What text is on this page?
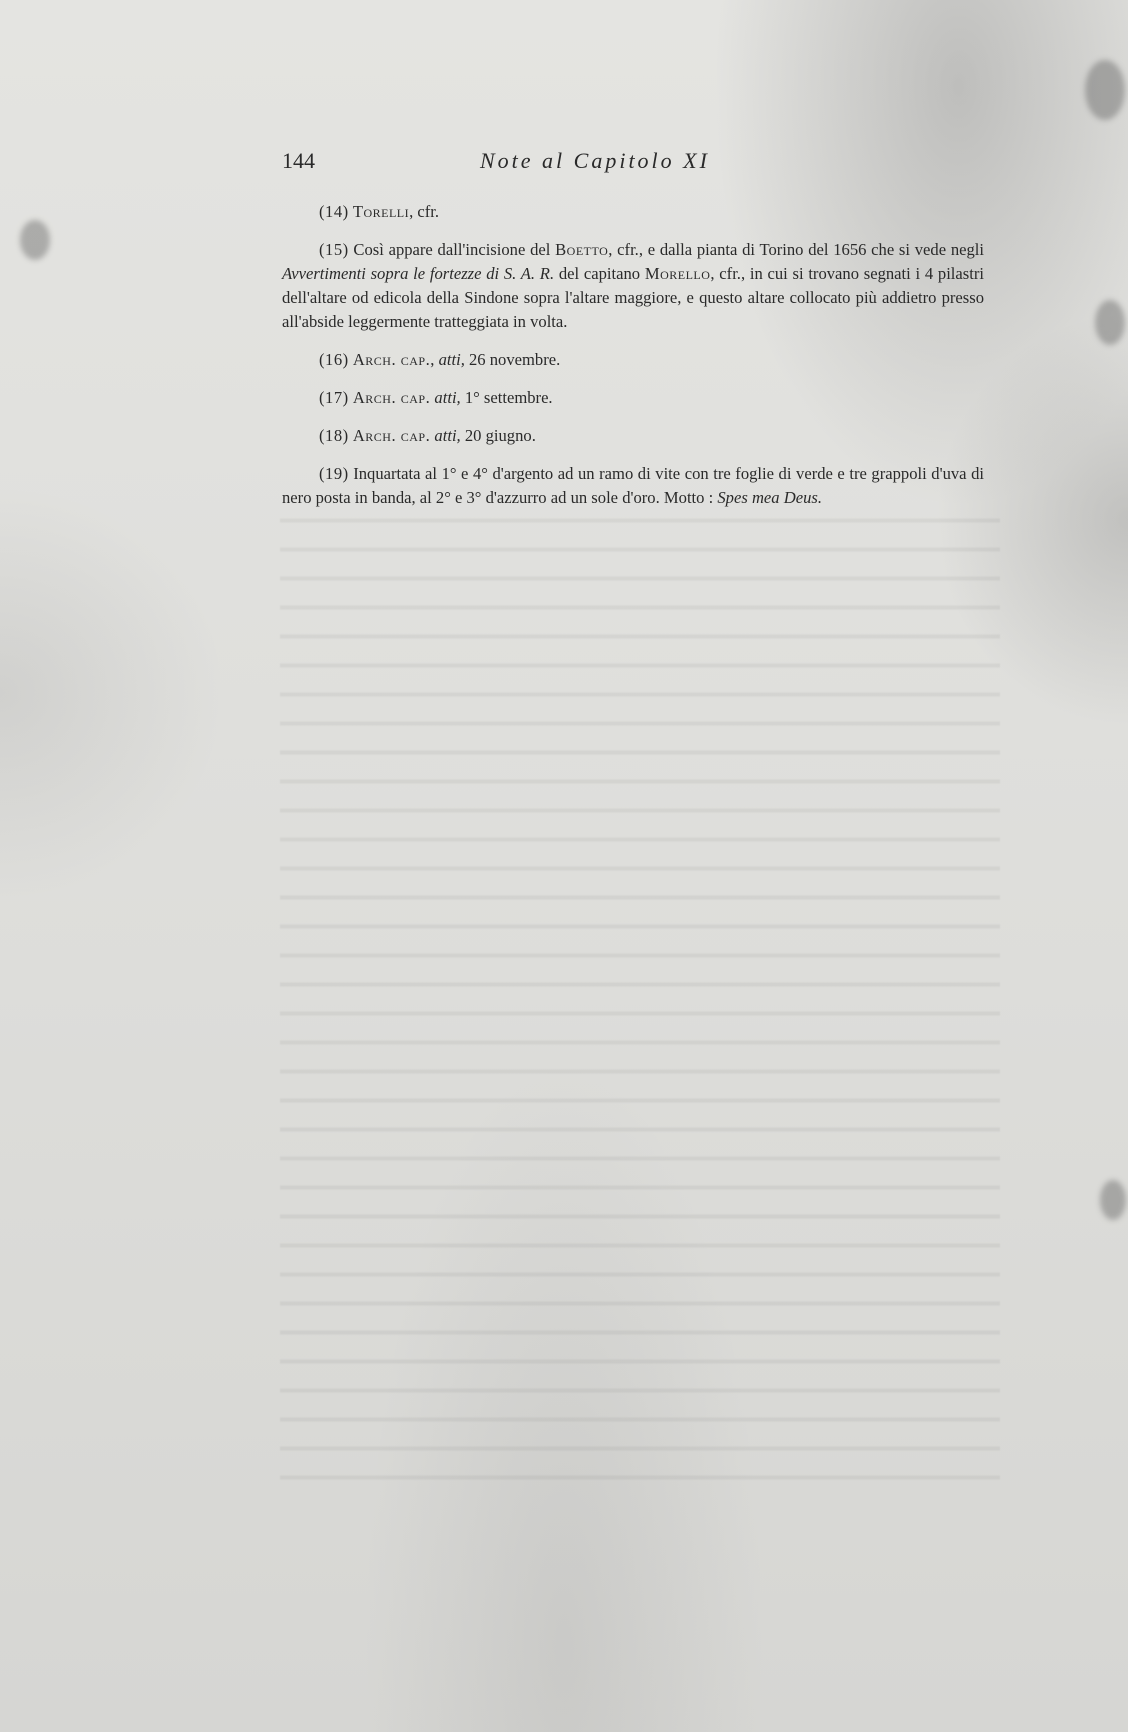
144	Note al Capitolo XI

(14) Torelli, cfr.

(15) Così appare dall'incisione del Boetto, cfr., e dalla pianta di Torino del 1656 che si vede negli Avvertimenti sopra le fortezze di S. A. R. del capitano Morello, cfr., in cui si trovano segnati i 4 pilastri dell'altare od edicola della Sindone sopra l'altare maggiore, e questo altare collocato più addietro presso all'abside leggermente tratteggiata in volta.

(16) Arch. cap., atti, 26 novembre.

(17) Arch. cap. atti, 1° settembre.

(18) Arch. cap. atti, 20 giugno.

(19) Inquartata al 1° e 4° d'argento ad un ramo di vite con tre foglie di verde e tre grappoli d'uva di nero posta in banda, al 2° e 3° d'azzurro ad un sole d'oro. Motto : Spes mea Deus.
